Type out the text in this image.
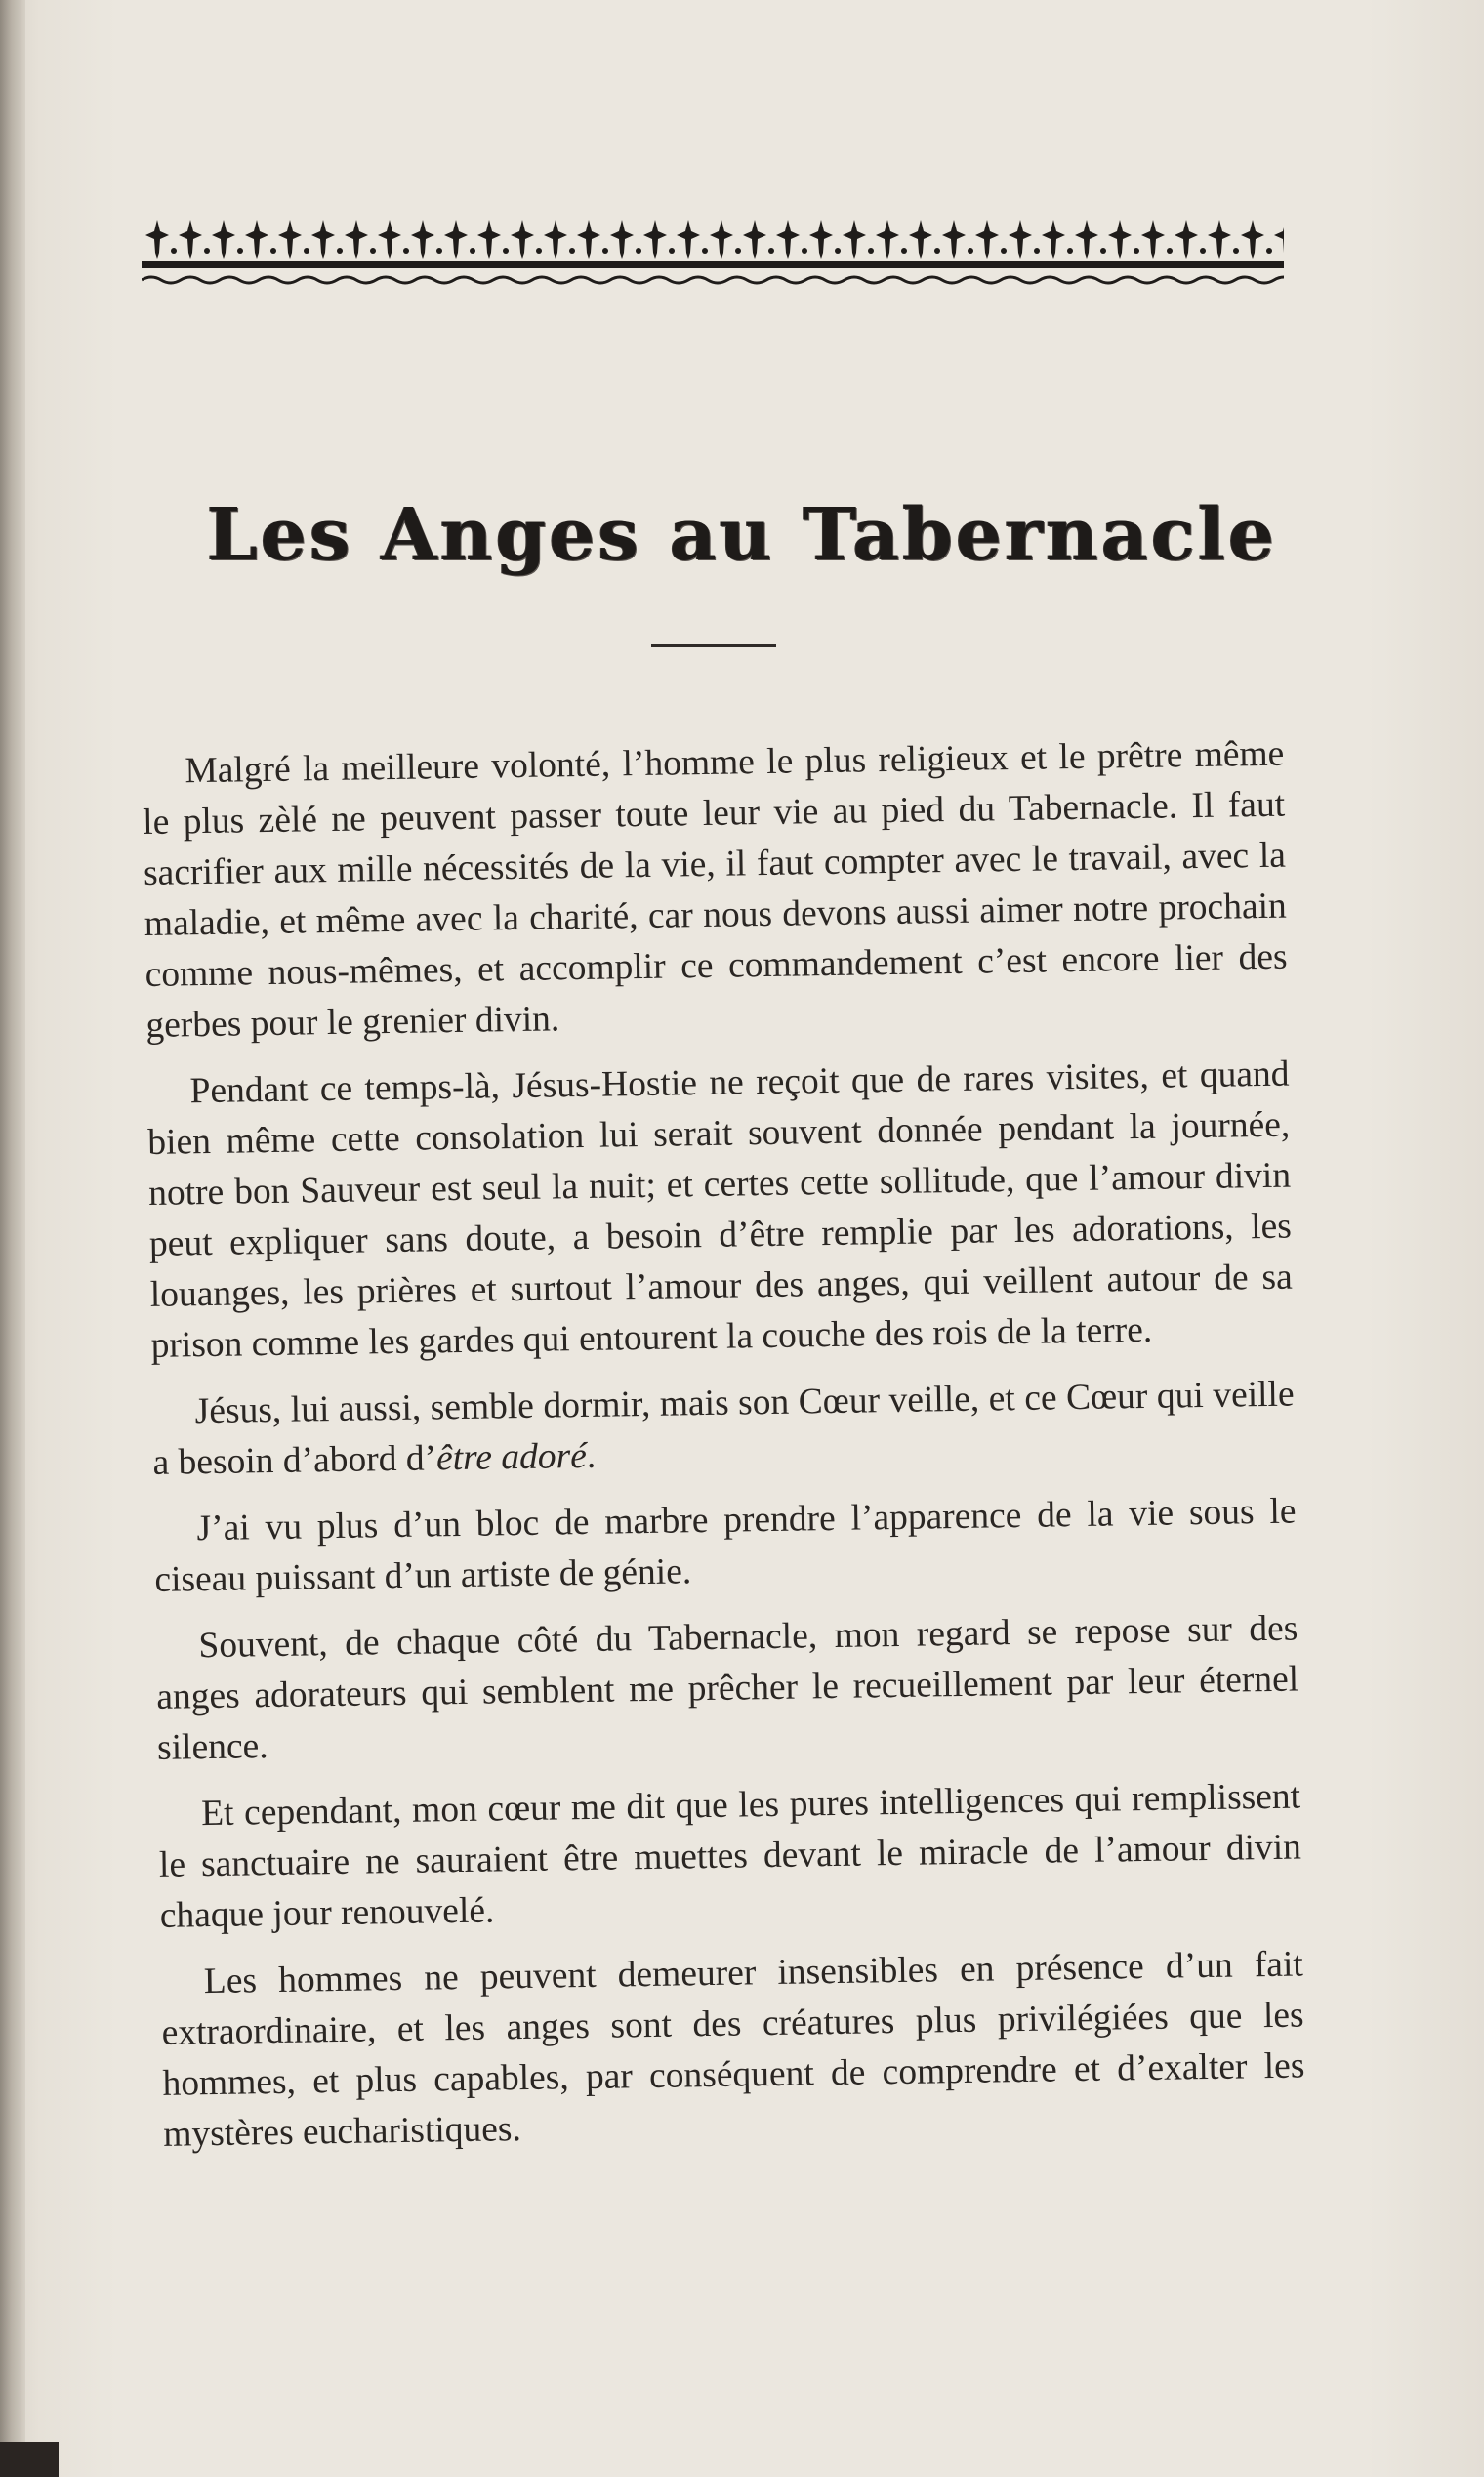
Les Anges au Tabernacle

Malgré la meilleure volonté, l’homme le plus religieux et le prêtre même le plus zèlé ne peuvent passer toute leur vie au pied du Tabernacle. Il faut sacrifier aux mille nécessités de la vie, il faut compter avec le travail, avec la maladie, et même avec la charité, car nous devons aussi aimer notre prochain comme nous-mêmes, et accomplir ce commandement c’est encore lier des gerbes pour le grenier divin.

Pendant ce temps-là, Jésus-Hostie ne reçoit que de rares visites, et quand bien même cette consolation lui serait souvent donnée pendant la journée, notre bon Sauveur est seul la nuit; et certes cette sollitude, que l’amour divin peut expliquer sans doute, a besoin d’être remplie par les adorations, les louanges, les prières et surtout l’amour des anges, qui veillent autour de sa prison comme les gardes qui entourent la couche des rois de la terre.

Jésus, lui aussi, semble dormir, mais son Cœur veille, et ce Cœur qui veille a besoin d’abord d’être adoré.

J’ai vu plus d’un bloc de marbre prendre l’apparence de la vie sous le ciseau puissant d’un artiste de génie.

Souvent, de chaque côté du Tabernacle, mon regard se repose sur des anges adorateurs qui semblent me prêcher le recueillement par leur éternel silence.

Et cependant, mon cœur me dit que les pures intelligences qui remplissent le sanctuaire ne sauraient être muettes devant le miracle de l’amour divin chaque jour renouvelé.

Les hommes ne peuvent demeurer insensibles en présence d’un fait extraordinaire, et les anges sont des créatures plus privilégiées que les hommes, et plus capables, par conséquent de comprendre et d’exalter les mystères eucharistiques.
